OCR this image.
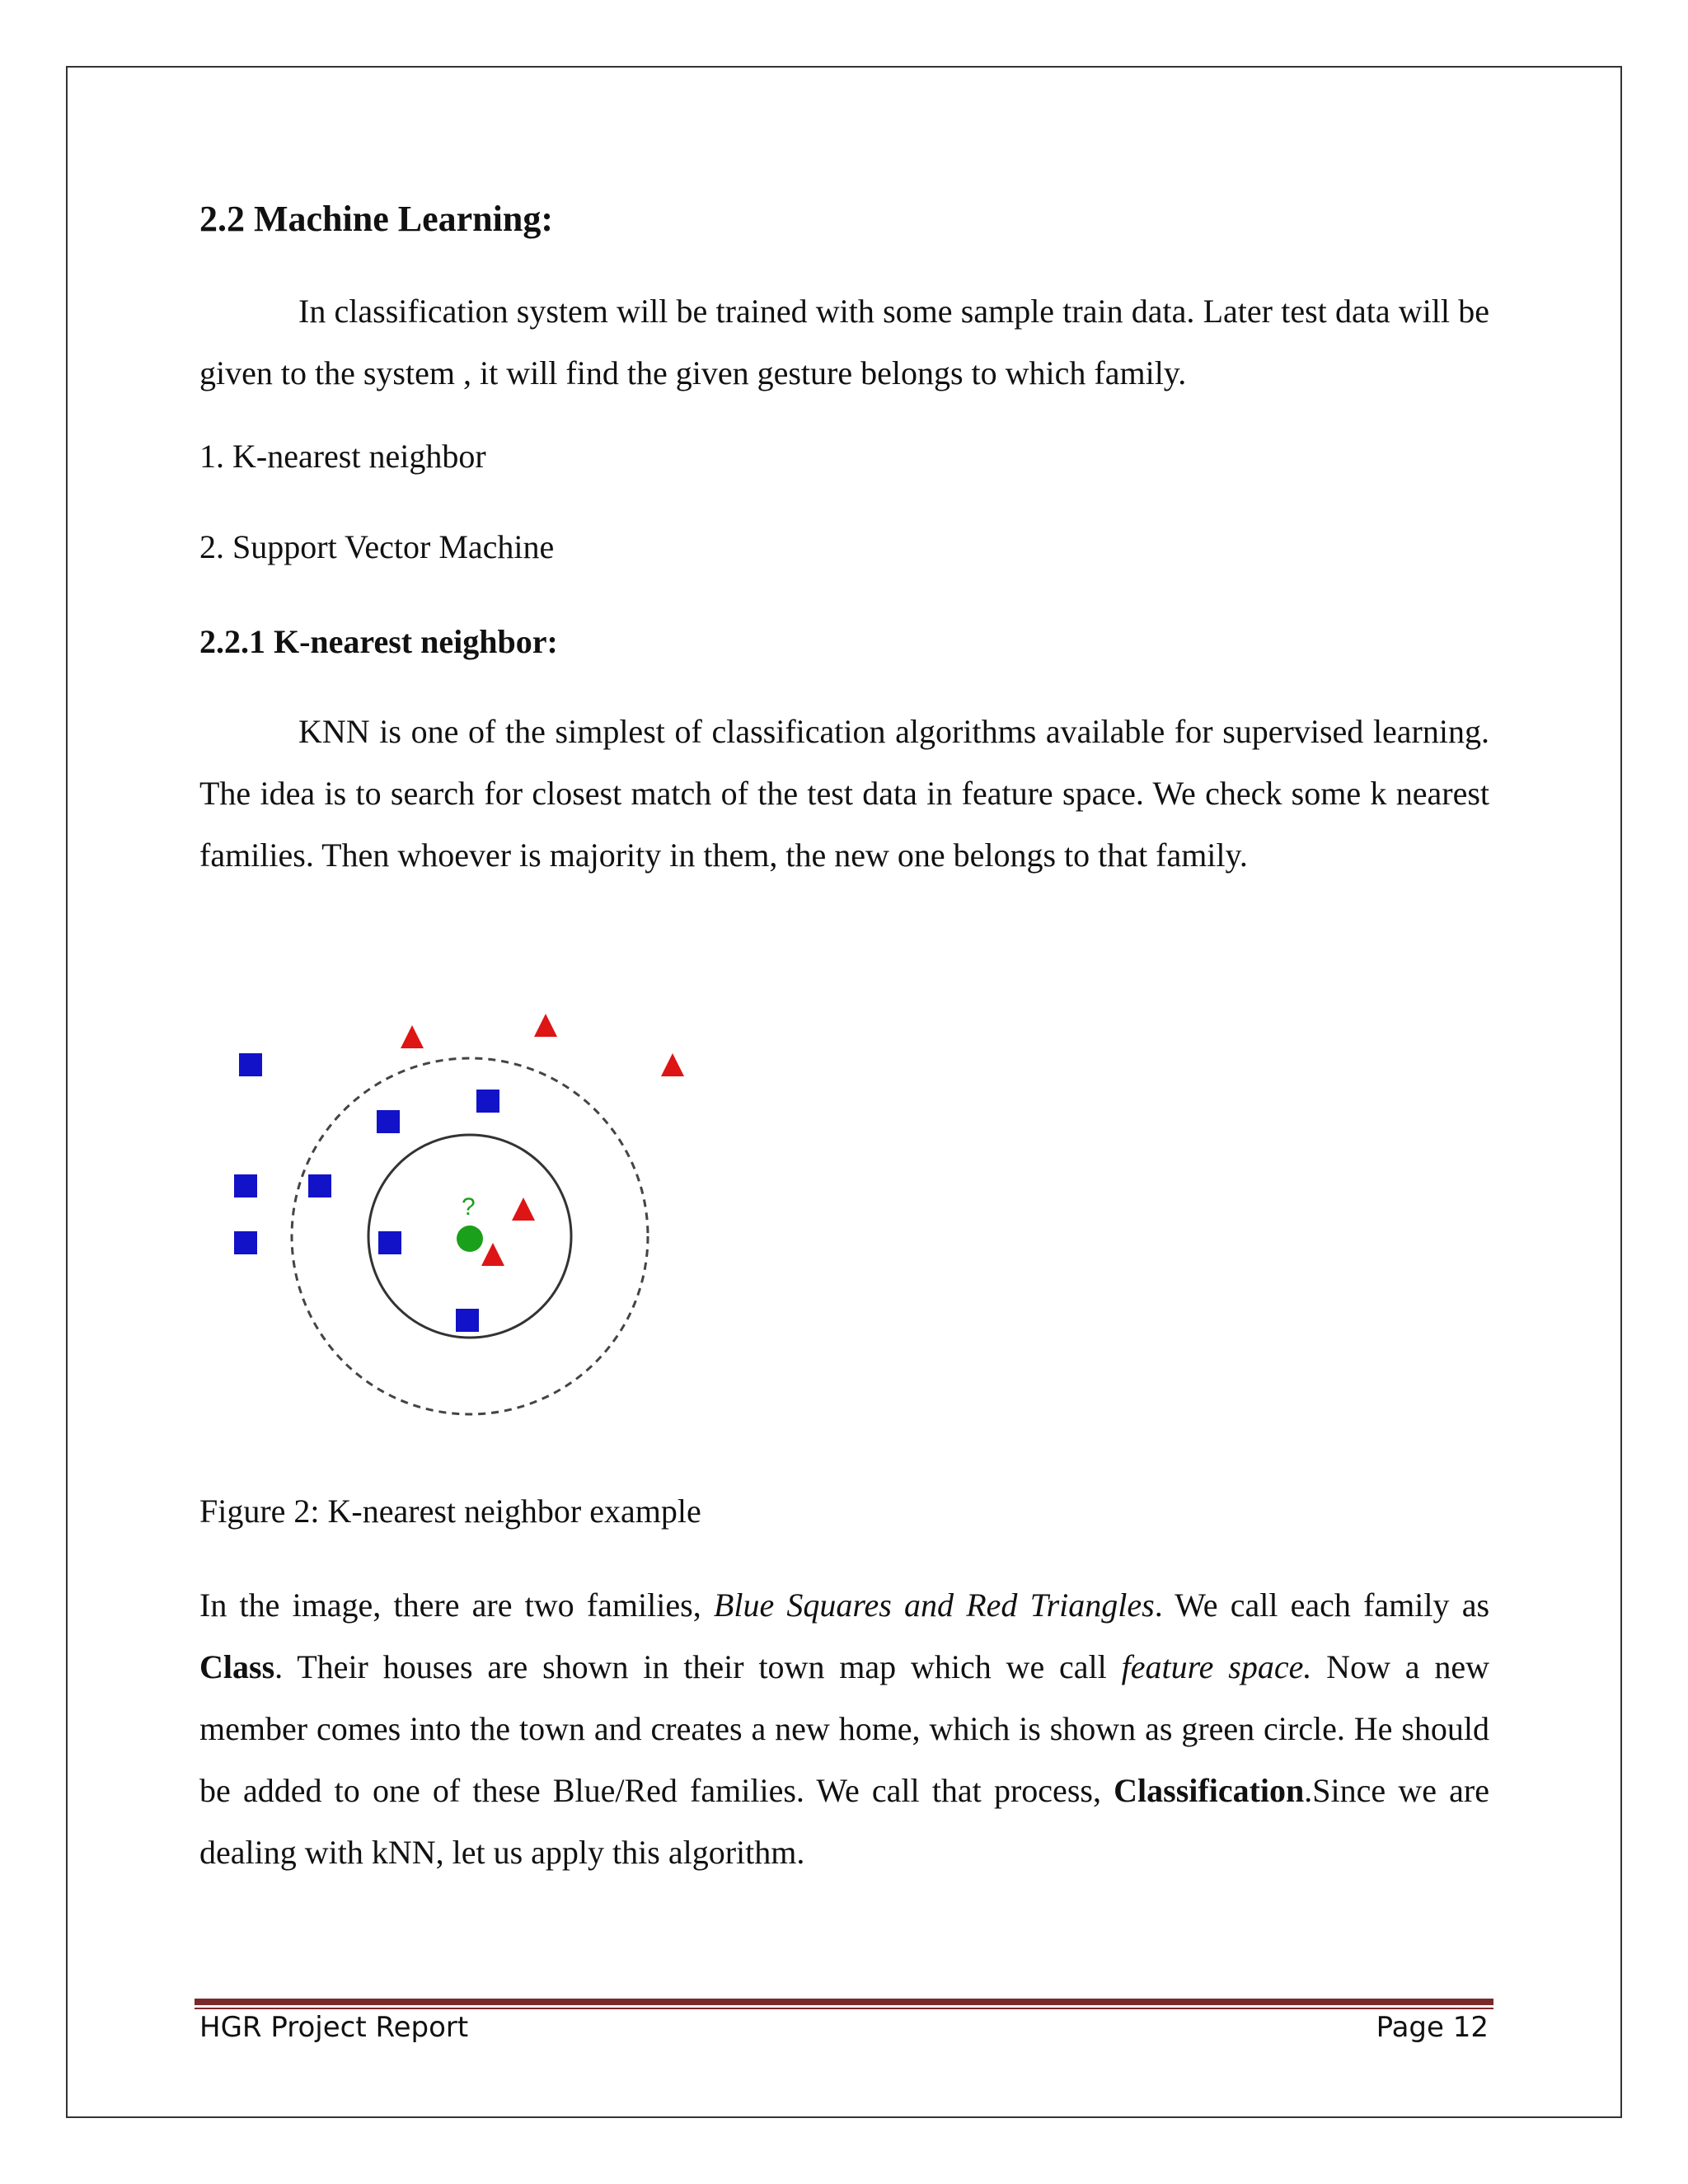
2.2 Machine Learning:

In classification system will be trained with some sample train data. Later test data will be given to the system , it will find the given gesture belongs to which family.

1. K-nearest neighbor

2. Support Vector Machine

2.2.1 K-nearest neighbor:

KNN is one of the simplest of classification algorithms available for supervised learning. The idea is to search for closest match of the test data in feature space. We check some k nearest families. Then whoever is majority in them, the new one belongs to that family.

?

Figure 2: K-nearest neighbor example

In the image, there are two families, Blue Squares and Red Triangles. We call each family as Class. Their houses are shown in their town map which we call feature space. Now a new member comes into the town and creates a new home, which is shown as green circle. He should be added to one of these Blue/Red families. We call that process, Classification.Since we are dealing with kNN, let us apply this algorithm.

HGR Project Report	Page 12
